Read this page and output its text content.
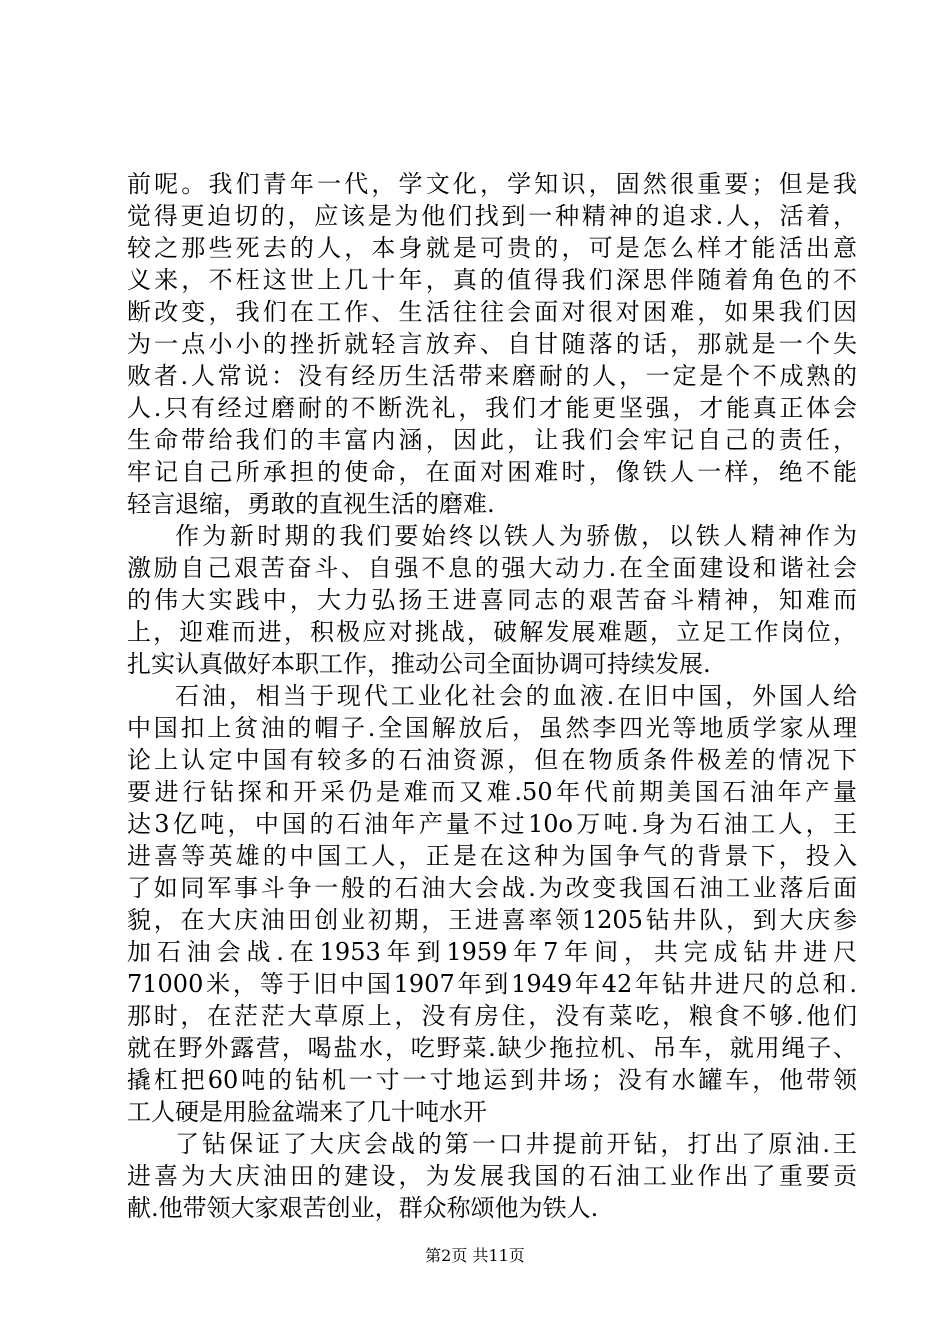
前呢。我们青年一代，学文化，学知识，固然很重要；但是我
觉得更迫切的，应该是为他们找到一种精神的追求.人，活着，
较之那些死去的人，本身就是可贵的，可是怎么样才能活出意
义来，不枉这世上几十年，真的值得我们深思伴随着角色的不
断改变，我们在工作、生活往往会面对很对困难，如果我们因
为一点小小的挫折就轻言放弃、自甘随落的话，那就是一个失
败者.人常说：没有经历生活带来磨耐的人，一定是个不成熟的
人.只有经过磨耐的不断洗礼，我们才能更坚强，才能真正体会
生命带给我们的丰富内涵，因此，让我们会牢记自己的责任，
牢记自己所承担的使命，在面对困难时，像铁人一样，绝不能
轻言退缩，勇敢的直视生活的磨难.
作为新时期的我们要始终以铁人为骄傲，以铁人精神作为
激励自己艰苦奋斗、自强不息的强大动力.在全面建设和谐社会
的伟大实践中，大力弘扬王进喜同志的艰苦奋斗精神，知难而
上，迎难而进，积极应对挑战，破解发展难题，立足工作岗位，
扎实认真做好本职工作，推动公司全面协调可持续发展.
石油，相当于现代工业化社会的血液.在旧中国，外国人给
中国扣上贫油的帽子.全国解放后，虽然李四光等地质学家从理
论上认定中国有较多的石油资源，但在物质条件极差的情况下
要进行钻探和开采仍是难而又难.50年代前期美国石油年产量
达3亿吨，中国的石油年产量不过10o万吨.身为石油工人，王
进喜等英雄的中国工人，正是在这种为国争气的背景下，投入
了如同军事斗争一般的石油大会战.为改变我国石油工业落后面
貌，在大庆油田创业初期，王进喜率领1205钻井队，到大庆参
加石油会战.在1953年到1959年7年间，共完成钻井进尺
71000米，等于旧中国1907年到1949年42年钻井进尺的总和.
那时，在茫茫大草原上，没有房住，没有菜吃，粮食不够.他们
就在野外露营，喝盐水，吃野菜.缺少拖拉机、吊车，就用绳子、
撬杠把60吨的钻机一寸一寸地运到井场；没有水罐车，他带领
工人硬是用脸盆端来了几十吨水开
了钻保证了大庆会战的第一口井提前开钻，打出了原油.王
进喜为大庆油田的建设，为发展我国的石油工业作出了重要贡
献.他带领大家艰苦创业，群众称颂他为铁人.
第2页 共11页
